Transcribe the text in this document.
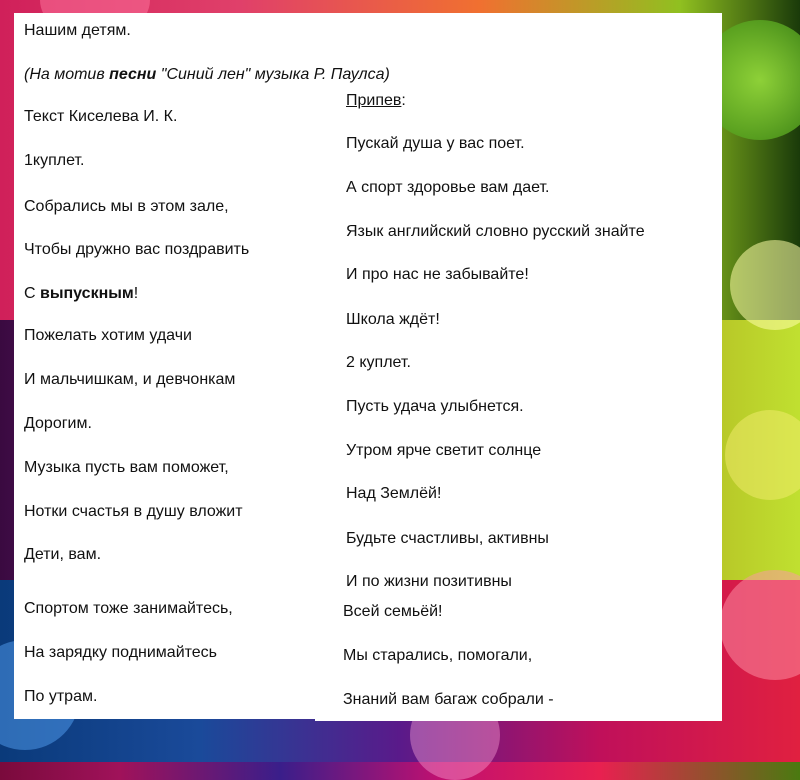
Нашим детям.
(На мотив песни "Синий лен" музыка Р. Паулса)
Текст Киселева И. К.
1куплет.
Собрались мы в этом зале,
Чтобы дружно вас поздравить
С выпускным!
Пожелать хотим удачи
И мальчишкам, и девчонкам
Дорогим.
Музыка пусть вам поможет,
Нотки счастья в душу вложит
Дети, вам.
Спортом тоже занимайтесь,
На зарядку поднимайтесь
По утрам.
Припев:
Пускай душа у вас поет.
А спорт здоровье вам дает.
Язык английский словно русский знайте
И про нас не забывайте!
Школа ждёт!
2 куплет.
Пусть удача улыбнется.
Утром ярче светит солнце
Над Землёй!
Будьте счастливы, активны
И по жизни позитивны
Всей семьёй!
Мы старались, помогали,
Знаний вам багаж собрали -
